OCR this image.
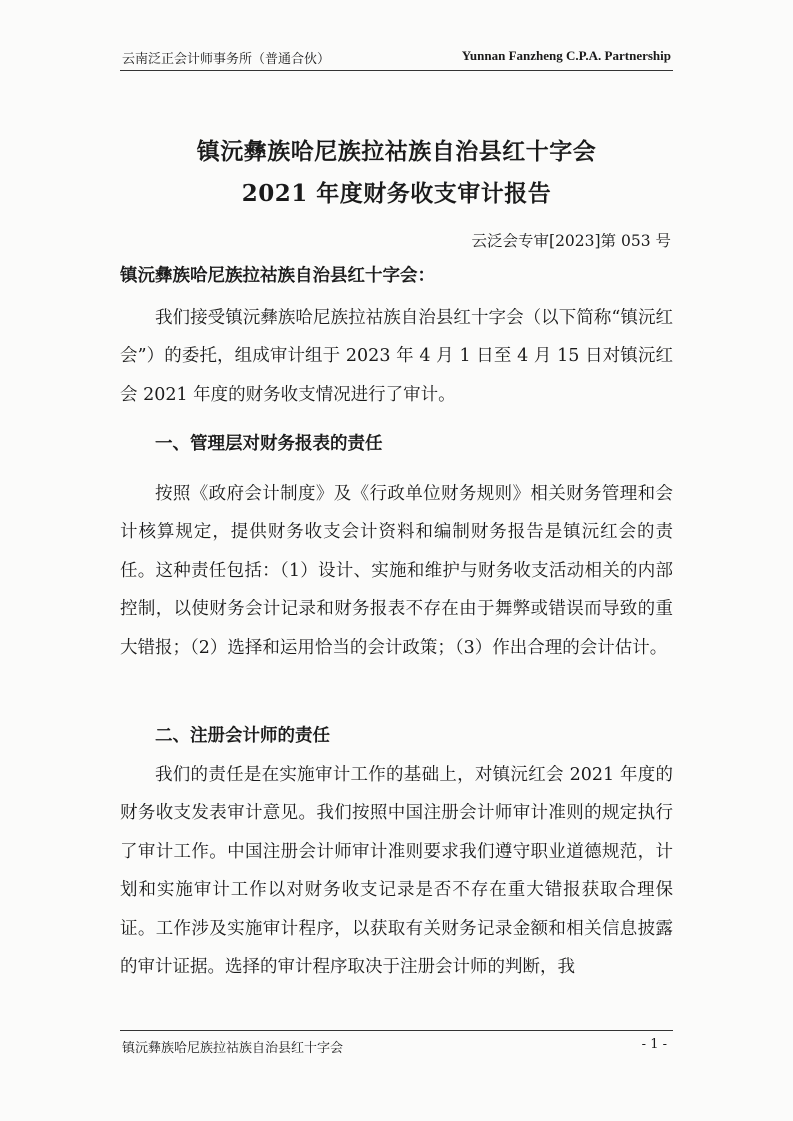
云南泛正会计师事务所（普通合伙）	Yunnan Fanzheng C.P.A. Partnership
镇沅彝族哈尼族拉祜族自治县红十字会
2021 年度财务收支审计报告
云泛会专审[2023]第 053 号
镇沅彝族哈尼族拉祜族自治县红十字会：

我们接受镇沅彝族哈尼族拉祜族自治县红十字会（以下简称“镇沅红会”）的委托，组成审计组于 2023 年 4 月 1 日至 4 月 15 日对镇沅红会 2021 年度的财务收支情况进行了审计。

一、管理层对财务报表的责任

按照《政府会计制度》及《行政单位财务规则》相关财务管理和会计核算规定，提供财务收支会计资料和编制财务报告是镇沅红会的责任。这种责任包括：（1）设计、实施和维护与财务收支活动相关的内部控制，以使财务会计记录和财务报表不存在由于舞弊或错误而导致的重大错报；（2）选择和运用恰当的会计政策；（3）作出合理的会计估计。

二、注册会计师的责任

我们的责任是在实施审计工作的基础上，对镇沅红会 2021 年度的财务收支发表审计意见。我们按照中国注册会计师审计准则的规定执行了审计工作。中国注册会计师审计准则要求我们遵守职业道德规范，计划和实施审计工作以对财务收支记录是否不存在重大错报获取合理保证。工作涉及实施审计程序，以获取有关财务记录金额和相关信息披露的审计证据。选择的审计程序取决于注册会计师的判断，我

镇沅彝族哈尼族拉祜族自治县红十字会	- 1 -
